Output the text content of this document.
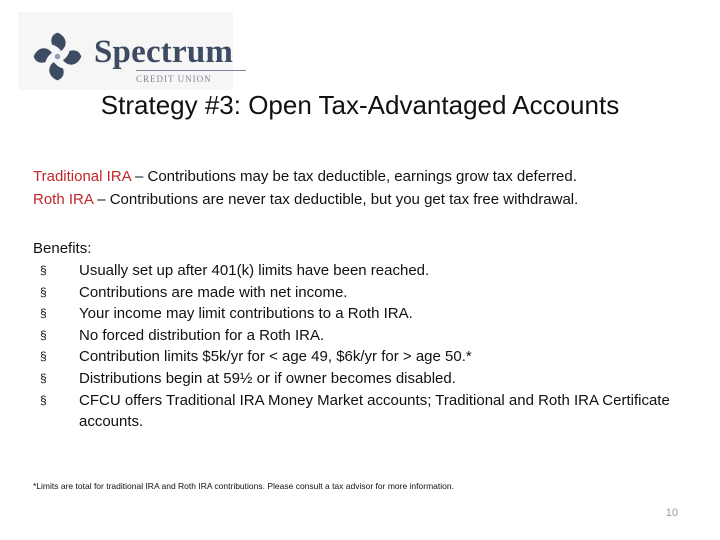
Spectrum
CREDIT UNION
Strategy #3: Open Tax-Advantaged Accounts
Traditional IRA – Contributions may be tax deductible, earnings grow tax deferred.
Roth IRA – Contributions are never tax deductible, but you get tax free withdrawal.
Benefits:
§ Usually set up after 401(k) limits have been reached.
§ Contributions are made with net income.
§ Your income may limit contributions to a Roth IRA.
§ No forced distribution for a Roth IRA.
§ Contribution limits $5k/yr for < age 49, $6k/yr for > age 50.*
§ Distributions begin at 59½ or if owner becomes disabled.
§ CFCU offers Traditional IRA Money Market accounts; Traditional and Roth IRA Certificate accounts.
*Limits are total for traditional IRA and Roth IRA contributions. Please consult a tax advisor for more information.
10
